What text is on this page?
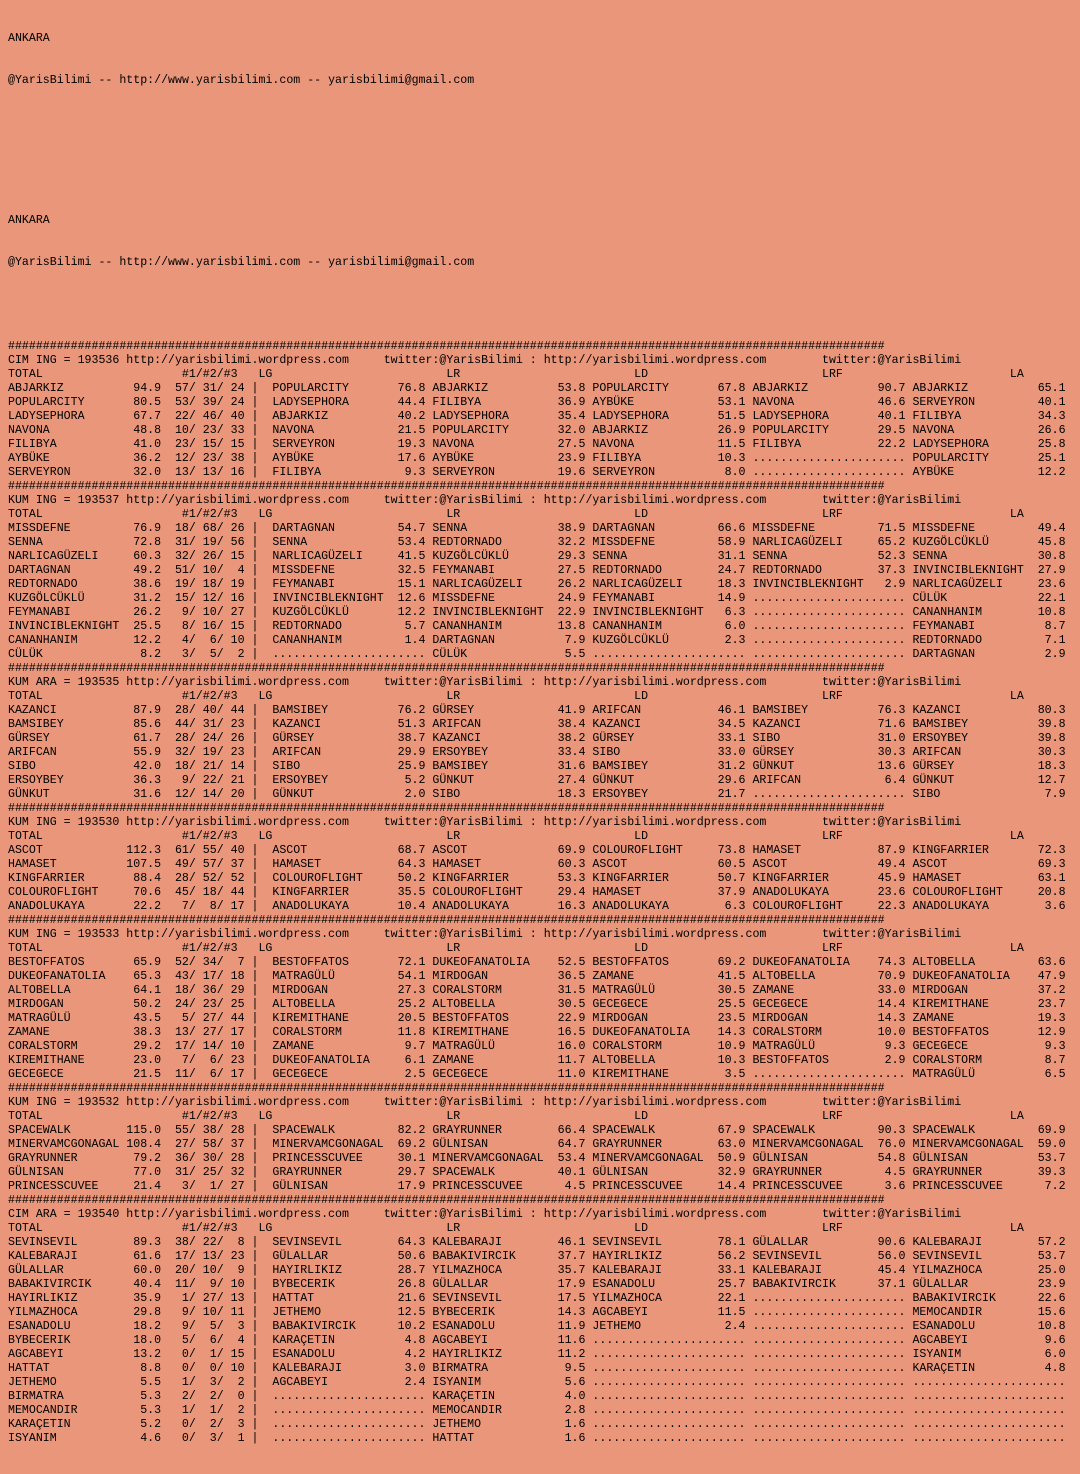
ANKARA

@YarisBilimi -- http://www.yarisbilimi.com -- yarisbilimi@gmail.com

ANKARA

@YarisBilimi -- http://www.yarisbilimi.com -- yarisbilimi@gmail.com

##############################################################################################################################
CIM ING = 193536 http://yarisbilimi.wordpress.com     twitter:@YarisBilimi : http://yarisbilimi.wordpress.com        twitter:@YarisBilimi
TOTAL                    #1/#2/#3   LG                         LR                         LD                         LRF                        LA
ABJARKIZ          94.9  57/ 31/ 24 |  POPULARCITY       76.8 ABJARKIZ          53.8 POPULARCITY       67.8 ABJARKIZ          90.7 ABJARKIZ          65.1
POPULARCITY       80.5  53/ 39/ 24 |  LADYSEPHORA       44.4 FILIBYA           36.9 AYBÜKE            53.1 NAVONA            46.6 SERVEYRON         40.1
LADYSEPHORA       67.7  22/ 46/ 40 |  ABJARKIZ          40.2 LADYSEPHORA       35.4 LADYSEPHORA       51.5 LADYSEPHORA       40.1 FILIBYA           34.3
NAVONA            48.8  10/ 23/ 33 |  NAVONA            21.5 POPULARCITY       32.0 ABJARKIZ          26.9 POPULARCITY       29.5 NAVONA            26.6
FILIBYA           41.0  23/ 15/ 15 |  SERVEYRON         19.3 NAVONA            27.5 NAVONA            11.5 FILIBYA           22.2 LADYSEPHORA       25.8
AYBÜKE            36.2  12/ 23/ 38 |  AYBÜKE            17.6 AYBÜKE            23.9 FILIBYA           10.3 ...................... POPULARCITY       25.1
SERVEYRON         32.0  13/ 13/ 16 |  FILIBYA            9.3 SERVEYRON         19.6 SERVEYRON          8.0 ...................... AYBÜKE            12.2
##############################################################################################################################
KUM ING = 193537 http://yarisbilimi.wordpress.com     twitter:@YarisBilimi : http://yarisbilimi.wordpress.com        twitter:@YarisBilimi
TOTAL                    #1/#2/#3   LG                         LR                         LD                         LRF                        LA
MISSDEFNE         76.9  18/ 68/ 26 |  DARTAGNAN         54.7 SENNA             38.9 DARTAGNAN         66.6 MISSDEFNE         71.5 MISSDEFNE         49.4
SENNA             72.8  31/ 19/ 56 |  SENNA             53.4 REDTORNADO        32.2 MISSDEFNE         58.9 NARLICAGÜZELI     65.2 KUZGÖLCÜKLÜ       45.8
NARLICAGÜZELI     60.3  32/ 26/ 15 |  NARLICAGÜZELI     41.5 KUZGÖLCÜKLÜ       29.3 SENNA             31.1 SENNA             52.3 SENNA             30.8
DARTAGNAN         49.2  51/ 10/  4 |  MISSDEFNE         32.5 FEYMANABI         27.5 REDTORNADO        24.7 REDTORNADO        37.3 INVINCIBLEKNIGHT  27.9
REDTORNADO        38.6  19/ 18/ 19 |  FEYMANABI         15.1 NARLICAGÜZELI     26.2 NARLICAGÜZELI     18.3 INVINCIBLEKNIGHT   2.9 NARLICAGÜZELI     23.6
KUZGÖLCÜKLÜ       31.2  15/ 12/ 16 |  INVINCIBLEKNIGHT  12.6 MISSDEFNE         24.9 FEYMANABI         14.9 ...................... CÜLÜK             22.1
FEYMANABI         26.2   9/ 10/ 27 |  KUZGÖLCÜKLÜ       12.2 INVINCIBLEKNIGHT  22.9 INVINCIBLEKNIGHT   6.3 ...................... CANANHANIM        10.8
INVINCIBLEKNIGHT  25.5   8/ 16/ 15 |  REDTORNADO         5.7 CANANHANIM        13.8 CANANHANIM         6.0 ...................... FEYMANABI          8.7
CANANHANIM        12.2   4/  6/ 10 |  CANANHANIM         1.4 DARTAGNAN          7.9 KUZGÖLCÜKLÜ        2.3 ...................... REDTORNADO         7.1
CÜLÜK              8.2   3/  5/  2 |  ...................... CÜLÜK              5.5 ...................... ...................... DARTAGNAN          2.9
##############################################################################################################################
KUM ARA = 193535 http://yarisbilimi.wordpress.com     twitter:@YarisBilimi : http://yarisbilimi.wordpress.com        twitter:@YarisBilimi
TOTAL                    #1/#2/#3   LG                         LR                         LD                         LRF                        LA
KAZANCI           87.9  28/ 40/ 44 |  BAMSIBEY          76.2 GÜRSEY            41.9 ARIFCAN           46.1 BAMSIBEY          76.3 KAZANCI           80.3
BAMSIBEY          85.6  44/ 31/ 23 |  KAZANCI           51.3 ARIFCAN           38.4 KAZANCI           34.5 KAZANCI           71.6 BAMSIBEY          39.8
GÜRSEY            61.7  28/ 24/ 26 |  GÜRSEY            38.7 KAZANCI           38.2 GÜRSEY            33.1 SIBO              31.0 ERSOYBEY          39.8
ARIFCAN           55.9  32/ 19/ 23 |  ARIFCAN           29.9 ERSOYBEY          33.4 SIBO              33.0 GÜRSEY            30.3 ARIFCAN           30.3
SIBO              42.0  18/ 21/ 14 |  SIBO              25.9 BAMSIBEY          31.6 BAMSIBEY          31.2 GÜNKUT            13.6 GÜRSEY            18.3
ERSOYBEY          36.3   9/ 22/ 21 |  ERSOYBEY           5.2 GÜNKUT            27.4 GÜNKUT            29.6 ARIFCAN            6.4 GÜNKUT            12.7
GÜNKUT            31.6  12/ 14/ 20 |  GÜNKUT             2.0 SIBO              18.3 ERSOYBEY          21.7 ...................... SIBO               7.9
##############################################################################################################################
KUM ING = 193530 http://yarisbilimi.wordpress.com     twitter:@YarisBilimi : http://yarisbilimi.wordpress.com        twitter:@YarisBilimi
TOTAL                    #1/#2/#3   LG                         LR                         LD                         LRF                        LA
ASCOT            112.3  61/ 55/ 40 |  ASCOT             68.7 ASCOT             69.9 COLOUROFLIGHT     73.8 HAMASET           87.9 KINGFARRIER       72.3
HAMASET          107.5  49/ 57/ 37 |  HAMASET           64.3 HAMASET           60.3 ASCOT             60.5 ASCOT             49.4 ASCOT             69.3
KINGFARRIER       88.4  28/ 52/ 52 |  COLOUROFLIGHT     50.2 KINGFARRIER       53.3 KINGFARRIER       50.7 KINGFARRIER       45.9 HAMASET           63.1
COLOUROFLIGHT     70.6  45/ 18/ 44 |  KINGFARRIER       35.5 COLOUROFLIGHT     29.4 HAMASET           37.9 ANADOLUKAYA       23.6 COLOUROFLIGHT     20.8
ANADOLUKAYA       22.2   7/  8/ 17 |  ANADOLUKAYA       10.4 ANADOLUKAYA       16.3 ANADOLUKAYA        6.3 COLOUROFLIGHT     22.3 ANADOLUKAYA        3.6
##############################################################################################################################
KUM ING = 193533 http://yarisbilimi.wordpress.com     twitter:@YarisBilimi : http://yarisbilimi.wordpress.com        twitter:@YarisBilimi
TOTAL                    #1/#2/#3   LG                         LR                         LD                         LRF                        LA
BESTOFFATOS       65.9  52/ 34/  7 |  BESTOFFATOS       72.1 DUKEOFANATOLIA    52.5 BESTOFFATOS       69.2 DUKEOFANATOLIA    74.3 ALTOBELLA         63.6
DUKEOFANATOLIA    65.3  43/ 17/ 18 |  MATRAGÜLÜ         54.1 MIRDOGAN          36.5 ZAMANE            41.5 ALTOBELLA         70.9 DUKEOFANATOLIA    47.9
ALTOBELLA         64.1  18/ 36/ 29 |  MIRDOGAN          27.3 CORALSTORM        31.5 MATRAGÜLÜ         30.5 ZAMANE            33.0 MIRDOGAN          37.2
MIRDOGAN          50.2  24/ 23/ 25 |  ALTOBELLA         25.2 ALTOBELLA         30.5 GECEGECE          25.5 GECEGECE          14.4 KIREMITHANE       23.7
MATRAGÜLÜ         43.5   5/ 27/ 44 |  KIREMITHANE       20.5 BESTOFFATOS       22.9 MIRDOGAN          23.5 MIRDOGAN          14.3 ZAMANE            19.3
ZAMANE            38.3  13/ 27/ 17 |  CORALSTORM        11.8 KIREMITHANE       16.5 DUKEOFANATOLIA    14.3 CORALSTORM        10.0 BESTOFFATOS       12.9
CORALSTORM        29.2  17/ 14/ 10 |  ZAMANE             9.7 MATRAGÜLÜ         16.0 CORALSTORM        10.9 MATRAGÜLÜ          9.3 GECEGECE           9.3
KIREMITHANE       23.0   7/  6/ 23 |  DUKEOFANATOLIA     6.1 ZAMANE            11.7 ALTOBELLA         10.3 BESTOFFATOS        2.9 CORALSTORM         8.7
GECEGECE          21.5  11/  6/ 17 |  GECEGECE           2.5 GECEGECE          11.0 KIREMITHANE        3.5 ...................... MATRAGÜLÜ          6.5
##############################################################################################################################
KUM ING = 193532 http://yarisbilimi.wordpress.com     twitter:@YarisBilimi : http://yarisbilimi.wordpress.com        twitter:@YarisBilimi
TOTAL                    #1/#2/#3   LG                         LR                         LD                         LRF                        LA
SPACEWALK        115.0  55/ 38/ 28 |  SPACEWALK         82.2 GRAYRUNNER        66.4 SPACEWALK         67.9 SPACEWALK         90.3 SPACEWALK         69.9
MINERVAMCGONAGAL 108.4  27/ 58/ 37 |  MINERVAMCGONAGAL  69.2 GÜLNISAN          64.7 GRAYRUNNER        63.0 MINERVAMCGONAGAL  76.0 MINERVAMCGONAGAL  59.0
GRAYRUNNER        79.2  36/ 30/ 28 |  PRINCESSCUVEE     30.1 MINERVAMCGONAGAL  53.4 MINERVAMCGONAGAL  50.9 GÜLNISAN          54.8 GÜLNISAN          53.7
GÜLNISAN          77.0  31/ 25/ 32 |  GRAYRUNNER        29.7 SPACEWALK         40.1 GÜLNISAN          32.9 GRAYRUNNER         4.5 GRAYRUNNER        39.3
PRINCESSCUVEE     21.4   3/  1/ 27 |  GÜLNISAN          17.9 PRINCESSCUVEE      4.5 PRINCESSCUVEE     14.4 PRINCESSCUVEE      3.6 PRINCESSCUVEE      7.2
##############################################################################################################################
CIM ARA = 193540 http://yarisbilimi.wordpress.com     twitter:@YarisBilimi : http://yarisbilimi.wordpress.com        twitter:@YarisBilimi
TOTAL                    #1/#2/#3   LG                         LR                         LD                         LRF                        LA
SEVINSEVIL        89.3  38/ 22/  8 |  SEVINSEVIL        64.3 KALEBARAJI        46.1 SEVINSEVIL        78.1 GÜLALLAR          90.6 KALEBARAJI        57.2
KALEBARAJI        61.6  17/ 13/ 23 |  GÜLALLAR          50.6 BABAKIVIRCIK      37.7 HAYIRLIKIZ        56.2 SEVINSEVIL        56.0 SEVINSEVIL        53.7
GÜLALLAR          60.0  20/ 10/  9 |  HAYIRLIKIZ        28.7 YILMAZHOCA        35.7 KALEBARAJI        33.1 KALEBARAJI        45.4 YILMAZHOCA        25.0
BABAKIVIRCIK      40.4  11/  9/ 10 |  BYBECERIK         26.8 GÜLALLAR          17.9 ESANADOLU         25.7 BABAKIVIRCIK      37.1 GÜLALLAR          23.9
HAYIRLIKIZ        35.9   1/ 27/ 13 |  HATTAT            21.6 SEVINSEVIL        17.5 YILMAZHOCA        22.1 ...................... BABAKIVIRCIK      22.6
YILMAZHOCA        29.8   9/ 10/ 11 |  JETHEMO           12.5 BYBECERIK         14.3 AGCABEYI          11.5 ...................... MEMOCANDIR        15.6
ESANADOLU         18.2   9/  5/  3 |  BABAKIVIRCIK      10.2 ESANADOLU         11.9 JETHEMO            2.4 ...................... ESANADOLU         10.8
BYBECERIK         18.0   5/  6/  4 |  KARAÇETIN          4.8 AGCABEYI          11.6 ...................... ...................... AGCABEYI           9.6
AGCABEYI          13.2   0/  1/ 15 |  ESANADOLU          4.2 HAYIRLIKIZ        11.2 ...................... ...................... ISYANIM            6.0
HATTAT             8.8   0/  0/ 10 |  KALEBARAJI         3.0 BIRMATRA           9.5 ...................... ...................... KARAÇETIN          4.8
JETHEMO            5.5   1/  3/  2 |  AGCABEYI           2.4 ISYANIM            5.6 ...................... ...................... ......................
BIRMATRA           5.3   2/  2/  0 |  ...................... KARAÇETIN          4.0 ...................... ...................... ......................
MEMOCANDIR         5.3   1/  1/  2 |  ...................... MEMOCANDIR         2.8 ...................... ...................... ......................
KARAÇETIN          5.2   0/  2/  3 |  ...................... JETHEMO            1.6 ...................... ...................... ......................
ISYANIM            4.6   0/  3/  1 |  ...................... HATTAT             1.6 ...................... ...................... ......................
